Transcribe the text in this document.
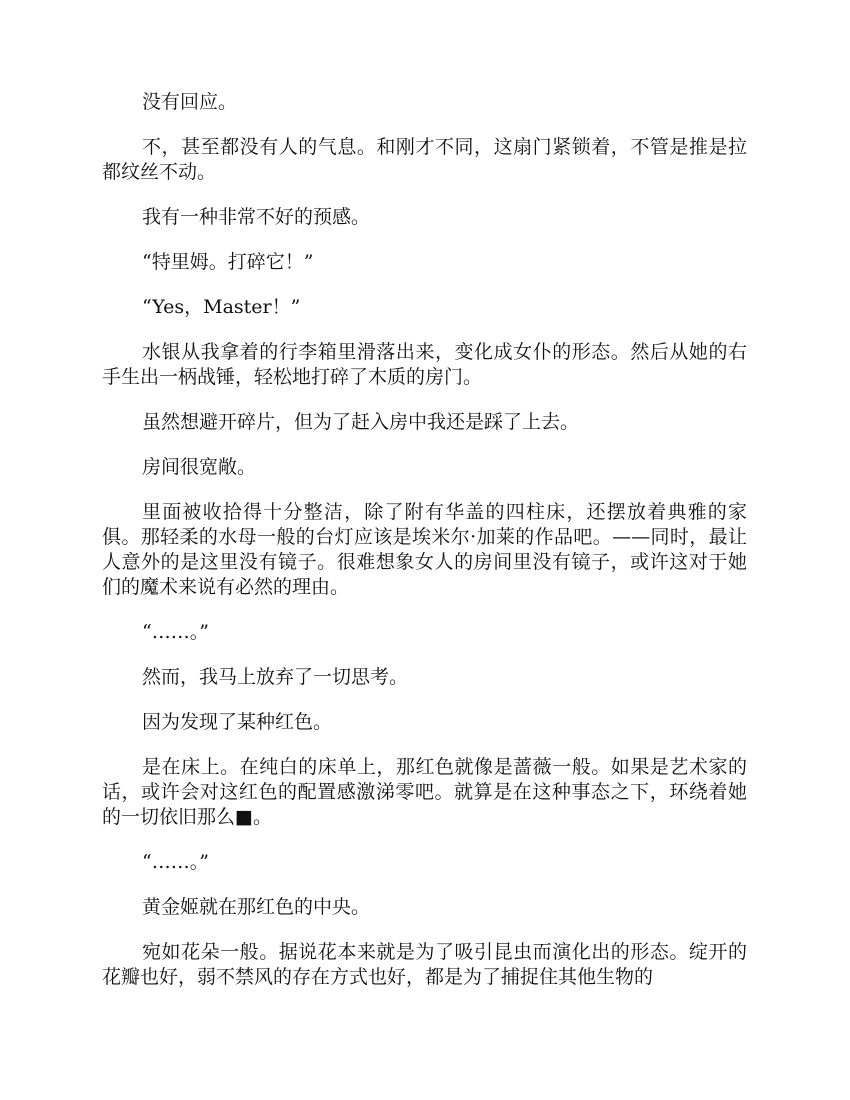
没有回应。

不，甚至都没有人的气息。和刚才不同，这扇门紧锁着，不管是推是拉都纹丝不动。

我有一种非常不好的预感。

“特里姆。打碎它！”

“Yes，Master！”

水银从我拿着的行李箱里滑落出来，变化成女仆的形态。然后从她的右手生出一柄战锤，轻松地打碎了木质的房门。

虽然想避开碎片，但为了赶入房中我还是踩了上去。

房间很宽敞。

里面被收拾得十分整洁，除了附有华盖的四柱床，还摆放着典雅的家俱。那轻柔的水母一般的台灯应该是埃米尔·加莱的作品吧。——同时，最让人意外的是这里没有镜子。很难想象女人的房间里没有镜子，或许这对于她们的魔术来说有必然的理由。

“……。”

然而，我马上放弃了一切思考。

因为发现了某种红色。

是在床上。在纯白的床单上，那红色就像是蔷薇一般。如果是艺术家的话，或许会对这红色的配置感激涕零吧。就算是在这种事态之下，环绕着她的一切依旧那么■。

“……。”

黄金姬就在那红色的中央。

宛如花朵一般。据说花本来就是为了吸引昆虫而演化出的形态。绽开的花瓣也好，弱不禁风的存在方式也好，都是为了捕捉住其他生物的
